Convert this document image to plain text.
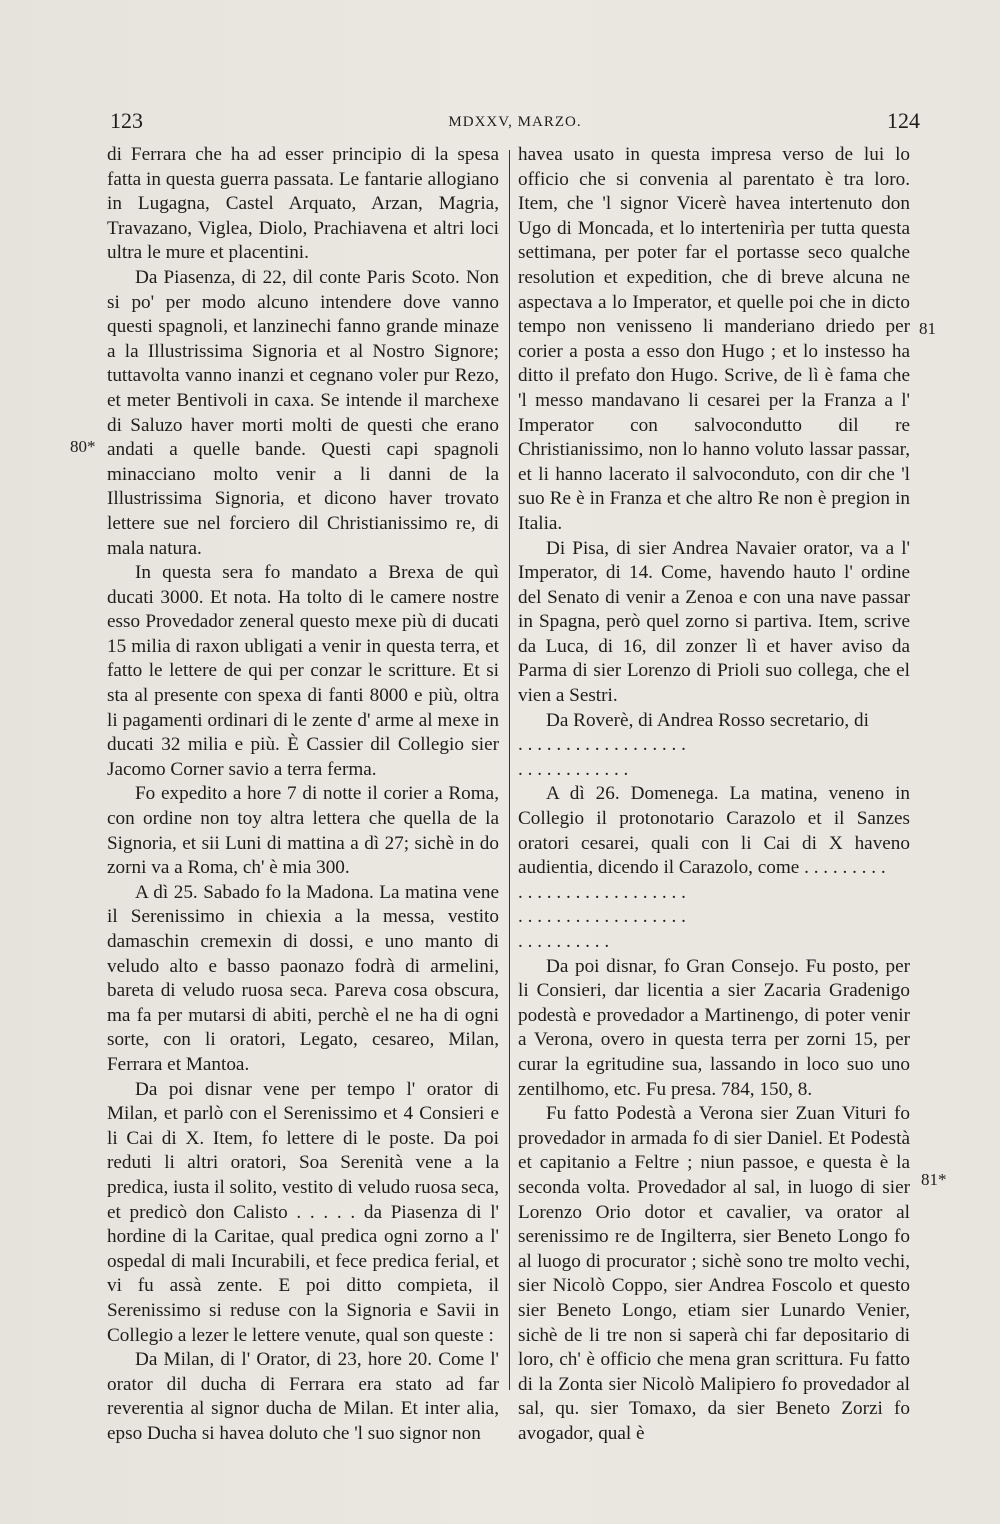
123	MDXXV, MARZO.	124

di Ferrara che ha ad esser principio di la spesa fatta in questa guerra passata. Le fantarie allogiano in Lugagna, Castel Arquato, Arzan, Magria, Travazano, Viglea, Diolo, Prachiavena et altri loci ultra le mure et placentini.

Da Piasenza, di 22, dil conte Paris Scoto. Non si po' per modo alcuno intendere dove vanno questi spagnoli, et lanzinechi fanno grande minaze a la Illustrissima Signoria et al Nostro Signore; tuttavolta vanno inanzi et cegnano voler pur Rezo, et meter Bentivoli in caxa. Se intende il marchexe di Saluzo haver morti molti de questi che erano andati a quelle bande. Questi capi spagnoli minacciano molto venir a li danni de la Illustrissima Signoria, et dicono haver trovato lettere sue nel forciero dil Christianissimo re, di mala natura.

In questa sera fo mandato a Brexa de quì ducati 3000. Et nota. Ha tolto di le camere nostre esso Provedador zeneral questo mexe più di ducati 15 milia di raxon ubligati a venir in questa terra, et fatto le lettere de qui per conzar le scritture. Et si sta al presente con spexa di fanti 8000 e più, oltra li pagamenti ordinari di le zente d' arme al mexe in ducati 32 milia e più. È Cassier dil Collegio sier Jacomo Corner savio a terra ferma.

Fo expedito a hore 7 di notte il corier a Roma, con ordine non toy altra lettera che quella de la Signoria, et sii Luni di mattina a dì 27; sichè in do zorni va a Roma, ch' è mia 300.

A dì 25. Sabado fo la Madona. La matina vene il Serenissimo in chiexia a la messa, vestito damaschin cremexin di dossi, e uno manto di veludo alto e basso paonazo fodrà di armelini, bareta di veludo ruosa seca. Pareva cosa obscura, ma fa per mutarsi di abiti, perchè el ne ha di ogni sorte, con li oratori, Legato, cesareo, Milan, Ferrara et Mantoa.

Da poi disnar vene per tempo l' orator di Milan, et parlò con el Serenissimo et 4 Consieri e li Cai di X. Item, fo lettere di le poste. Da poi reduti li altri oratori, Soa Serenità vene a la predica, iusta il solito, vestito di veludo ruosa seca, et predicò don Calisto . . . . . da Piasenza di l' hordine di la Caritae, qual predica ogni zorno a l' ospedal di mali Incurabili, et fece predica ferial, et vi fu assà zente. E poi ditto compieta, il Serenissimo si reduse con la Signoria e Savii in Collegio a lezer le lettere venute, qual son queste :

Da Milan, di l' Orator, di 23, hore 20. Come l' orator dil ducha di Ferrara era stato ad far reverentia al signor ducha de Milan. Et inter alia, epso Ducha si havea doluto che 'l suo signor non

havea usato in questa impresa verso de lui lo officio che si convenia al parentato è tra loro. Item, che 'l signor Vicerè havea intertenuto don Ugo di Moncada, et lo intertenirìa per tutta questa settimana, per poter far el portasse seco qualche resolution et expedition, che di breve alcuna ne aspectava a lo Imperator, et quelle poi che in dicto tempo non venisseno li manderiano driedo per corier a posta a esso don Hugo ; et lo instesso ha ditto il prefato don Hugo. Scrive, de lì è fama che 'l messo mandavano li cesarei per la Franza a l' Imperator con salvocondutto dil re Christianissimo, non lo hanno voluto lassar passar, et li hanno lacerato il salvoconduto, con dir che 'l suo Re è in Franza et che altro Re non è pregion in Italia.

Di Pisa, di sier Andrea Navaier orator, va a l' Imperator, di 14. Come, havendo hauto l' ordine del Senato di venir a Zenoa e con una nave passar in Spagna, però quel zorno si partiva. Item, scrive da Luca, di 16, dil zonzer lì et haver aviso da Parma di sier Lorenzo di Prioli suo collega, che el vien a Sestri.

Da Roverè, di Andrea Rosso secretario, di

. . . . . . . . . . . . . . . . . .

. . . . . . . . . . . .

A dì 26. Domenega. La matina, veneno in Collegio il protonotario Carazolo et il Sanzes oratori cesarei, quali con li Cai di X haveno audientia, dicendo il Carazolo, come . . . . . . . . .

. . . . . . . . . . . . . . . . . .

. . . . . . . . . . . . . . . . . .

. . . . . . . . . .

Da poi disnar, fo Gran Consejo. Fu posto, per li Consieri, dar licentia a sier Zacaria Gradenigo podestà e provedador a Martinengo, di poter venir a Verona, overo in questa terra per zorni 15, per curar la egritudine sua, lassando in loco suo uno zentilhomo, etc. Fu presa. 784, 150, 8.

Fu fatto Podestà a Verona sier Zuan Vituri fo provedador in armada fo di sier Daniel. Et Podestà et capitanio a Feltre ; niun passoe, e questa è la seconda volta. Provedador al sal, in luogo di sier Lorenzo Orio dotor et cavalier, va orator al serenissimo re de Ingilterra, sier Beneto Longo fo al luogo di procurator ; sichè sono tre molto vechi, sier Nicolò Coppo, sier Andrea Foscolo et questo sier Beneto Longo, etiam sier Lunardo Venier, sichè de li tre non si saperà chi far depositario di loro, ch' è officio che mena gran scrittura. Fu fatto di la Zonta sier Nicolò Malipiero fo provedador al sal, qu. sier Tomaxo, da sier Beneto Zorzi fo avogador, qual è

80*
81
81*
